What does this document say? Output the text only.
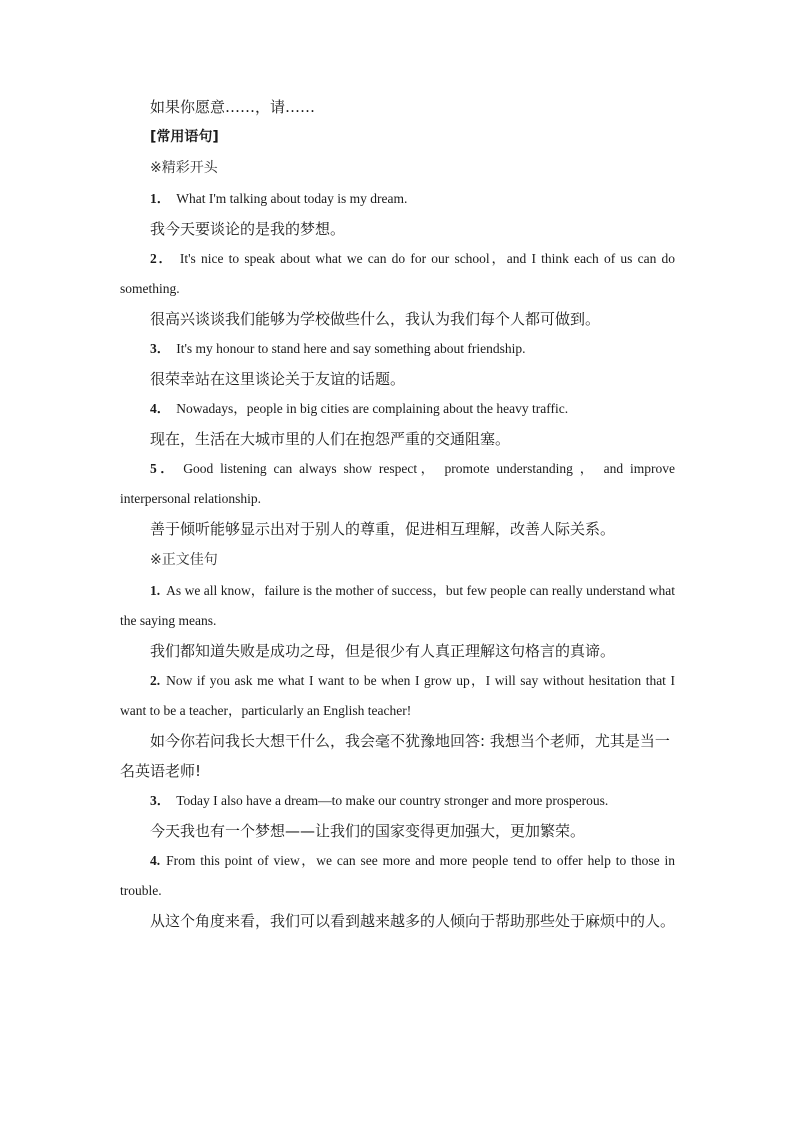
如果你愿意……，请……

[常用语句]

※精彩开头

1． What I'm talking about today is my dream.

我今天要谈论的是我的梦想。

2． It's nice to speak about what we can do for our school，and I think each of us can do something.

很高兴谈谈我们能够为学校做些什么，我认为我们每个人都可做到。

3． It's my honour to stand here and say something about friendship.

很荣幸站在这里谈论关于友谊的话题。

4． Nowadays，people in big cities are complaining about the heavy traffic.

现在，生活在大城市里的人们在抱怨严重的交通阻塞。

5． Good listening can always show respect， promote understanding ， and improve interpersonal relationship.

善于倾听能够显示出对于别人的尊重，促进相互理解，改善人际关系。

※正文佳句

1. As we all know，failure is the mother of success，but few people can really understand what the saying means.

我们都知道失败是成功之母，但是很少有人真正理解这句格言的真谛。

2. Now if you ask me what I want to be when I grow up，I will say without hesitation that I want to be a teacher，particularly an English teacher!

如今你若问我长大想干什么，我会毫不犹豫地回答: 我想当个老师，尤其是当一名英语老师!

3． Today I also have a dream—to make our country stronger and more prosperous.

今天我也有一个梦想——让我们的国家变得更加强大，更加繁荣。

4. From this point of view，we can see more and more people tend to offer help to those in trouble.

从这个角度来看，我们可以看到越来越多的人倾向于帮助那些处于麻烦中的人。
